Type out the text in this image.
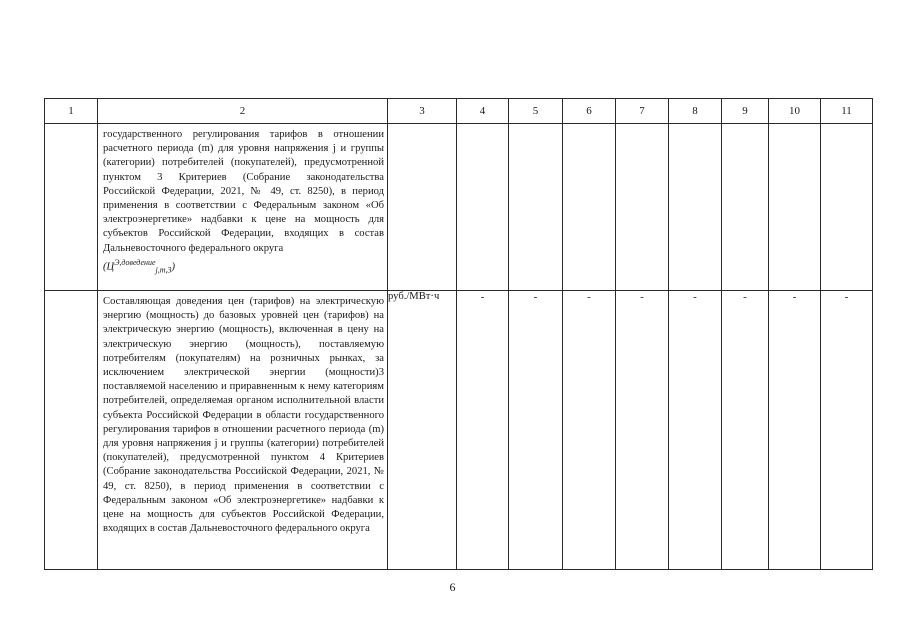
1	2	3	4	5	6	7	8	9	10	11

	государственного регулирования тарифов в отношении расчетного периода (m) для уровня напряжения j и группы (категории) потребителей (покупателей), предусмотренной пунктом 3 Критериев (Собрание законодательства Российской Федерации, 2021, № 49, ст. 8250), в период применения в соответствии с Федеральным законом «Об электроэнергетике» надбавки к цене на мощность для субъектов Российской Федерации, входящих в состав Дальневосточного федерального округа

$(Ц^{Э,доведение}_{j,m,3})$									

	Составляющая доведения цен (тарифов) на электрическую энергию (мощность) до базовых уровней цен (тарифов) на электрическую энергию (мощность), включенная в цену на электрическую энергию (мощность), поставляемую потребителям (покупателям) на розничных рынках, за исключением электрической энергии (мощности)3 поставляемой населению и приравненным к нему категориям потребителей, определяемая органом исполнительной власти субъекта Российской Федерации в области государственного регулирования тарифов в отношении расчетного периода (m) для уровня напряжения j и группы (категории) потребителей (покупателей), предусмотренной пунктом 4 Критериев (Собрание законодательства Российской Федерации, 2021, № 49, ст. 8250), в период применения в соответствии с Федеральным законом «Об электроэнергетике» надбавки к цене на мощность для субъектов Российской Федерации, входящих в состав Дальневосточного федерального округа	руб./МВт·ч	-	-	-	-	-	-	-	-
6
